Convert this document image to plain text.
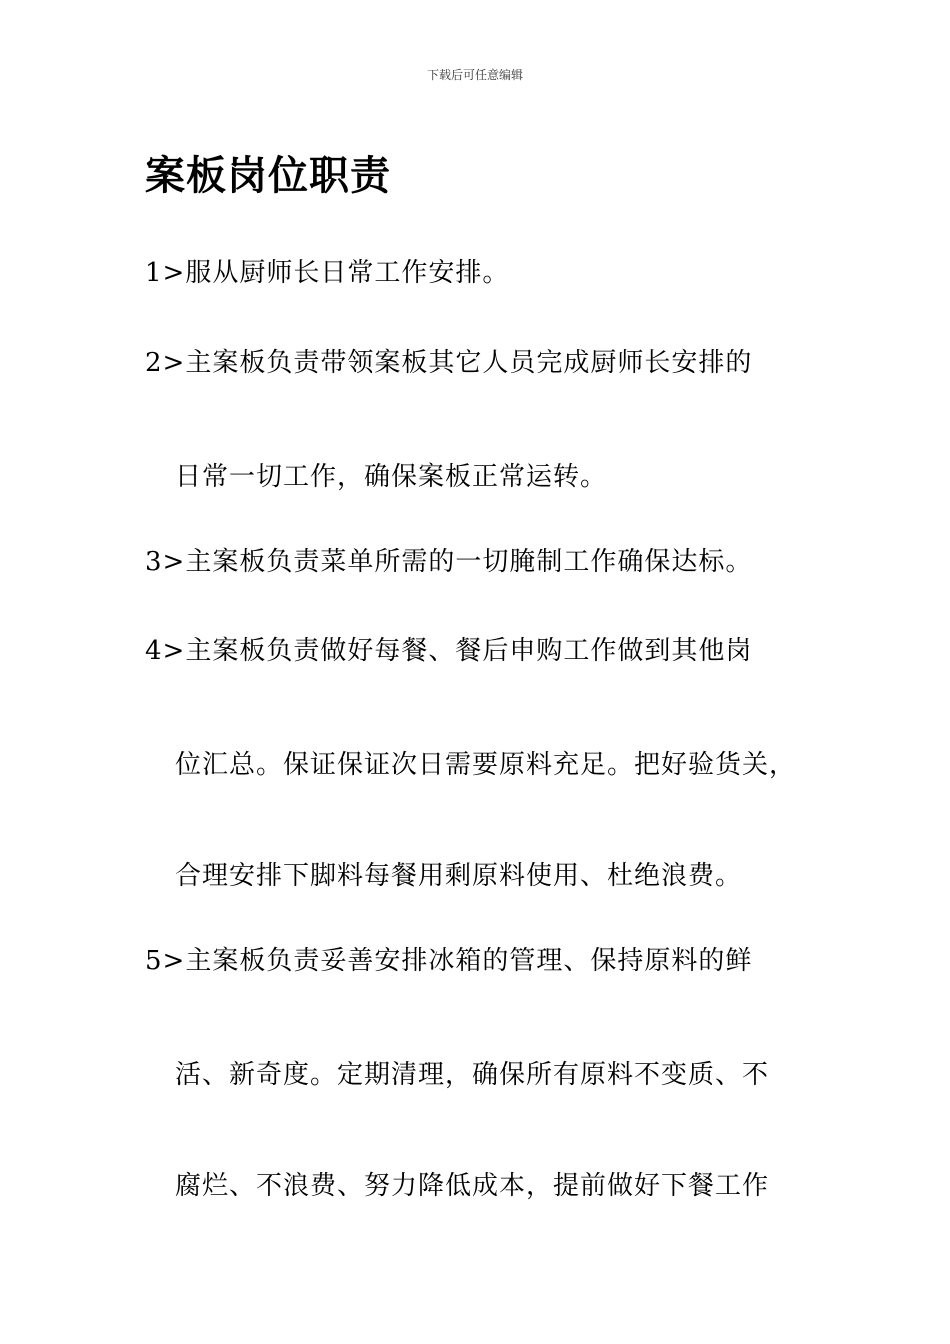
下载后可任意编辑
案板岗位职责
1>服从厨师长日常工作安排。
2>主案板负责带领案板其它人员完成厨师长安排的
日常一切工作，确保案板正常运转。
3>主案板负责菜单所需的一切腌制工作确保达标。
4>主案板负责做好每餐、餐后申购工作做到其他岗
位汇总。保证保证次日需要原料充足。把好验货关，
合理安排下脚料每餐用剩原料使用、杜绝浪费。
5>主案板负责妥善安排冰箱的管理、保持原料的鲜
活、新奇度。定期清理，确保所有原料不变质、不
腐烂、不浪费、努力降低成本，提前做好下餐工作
